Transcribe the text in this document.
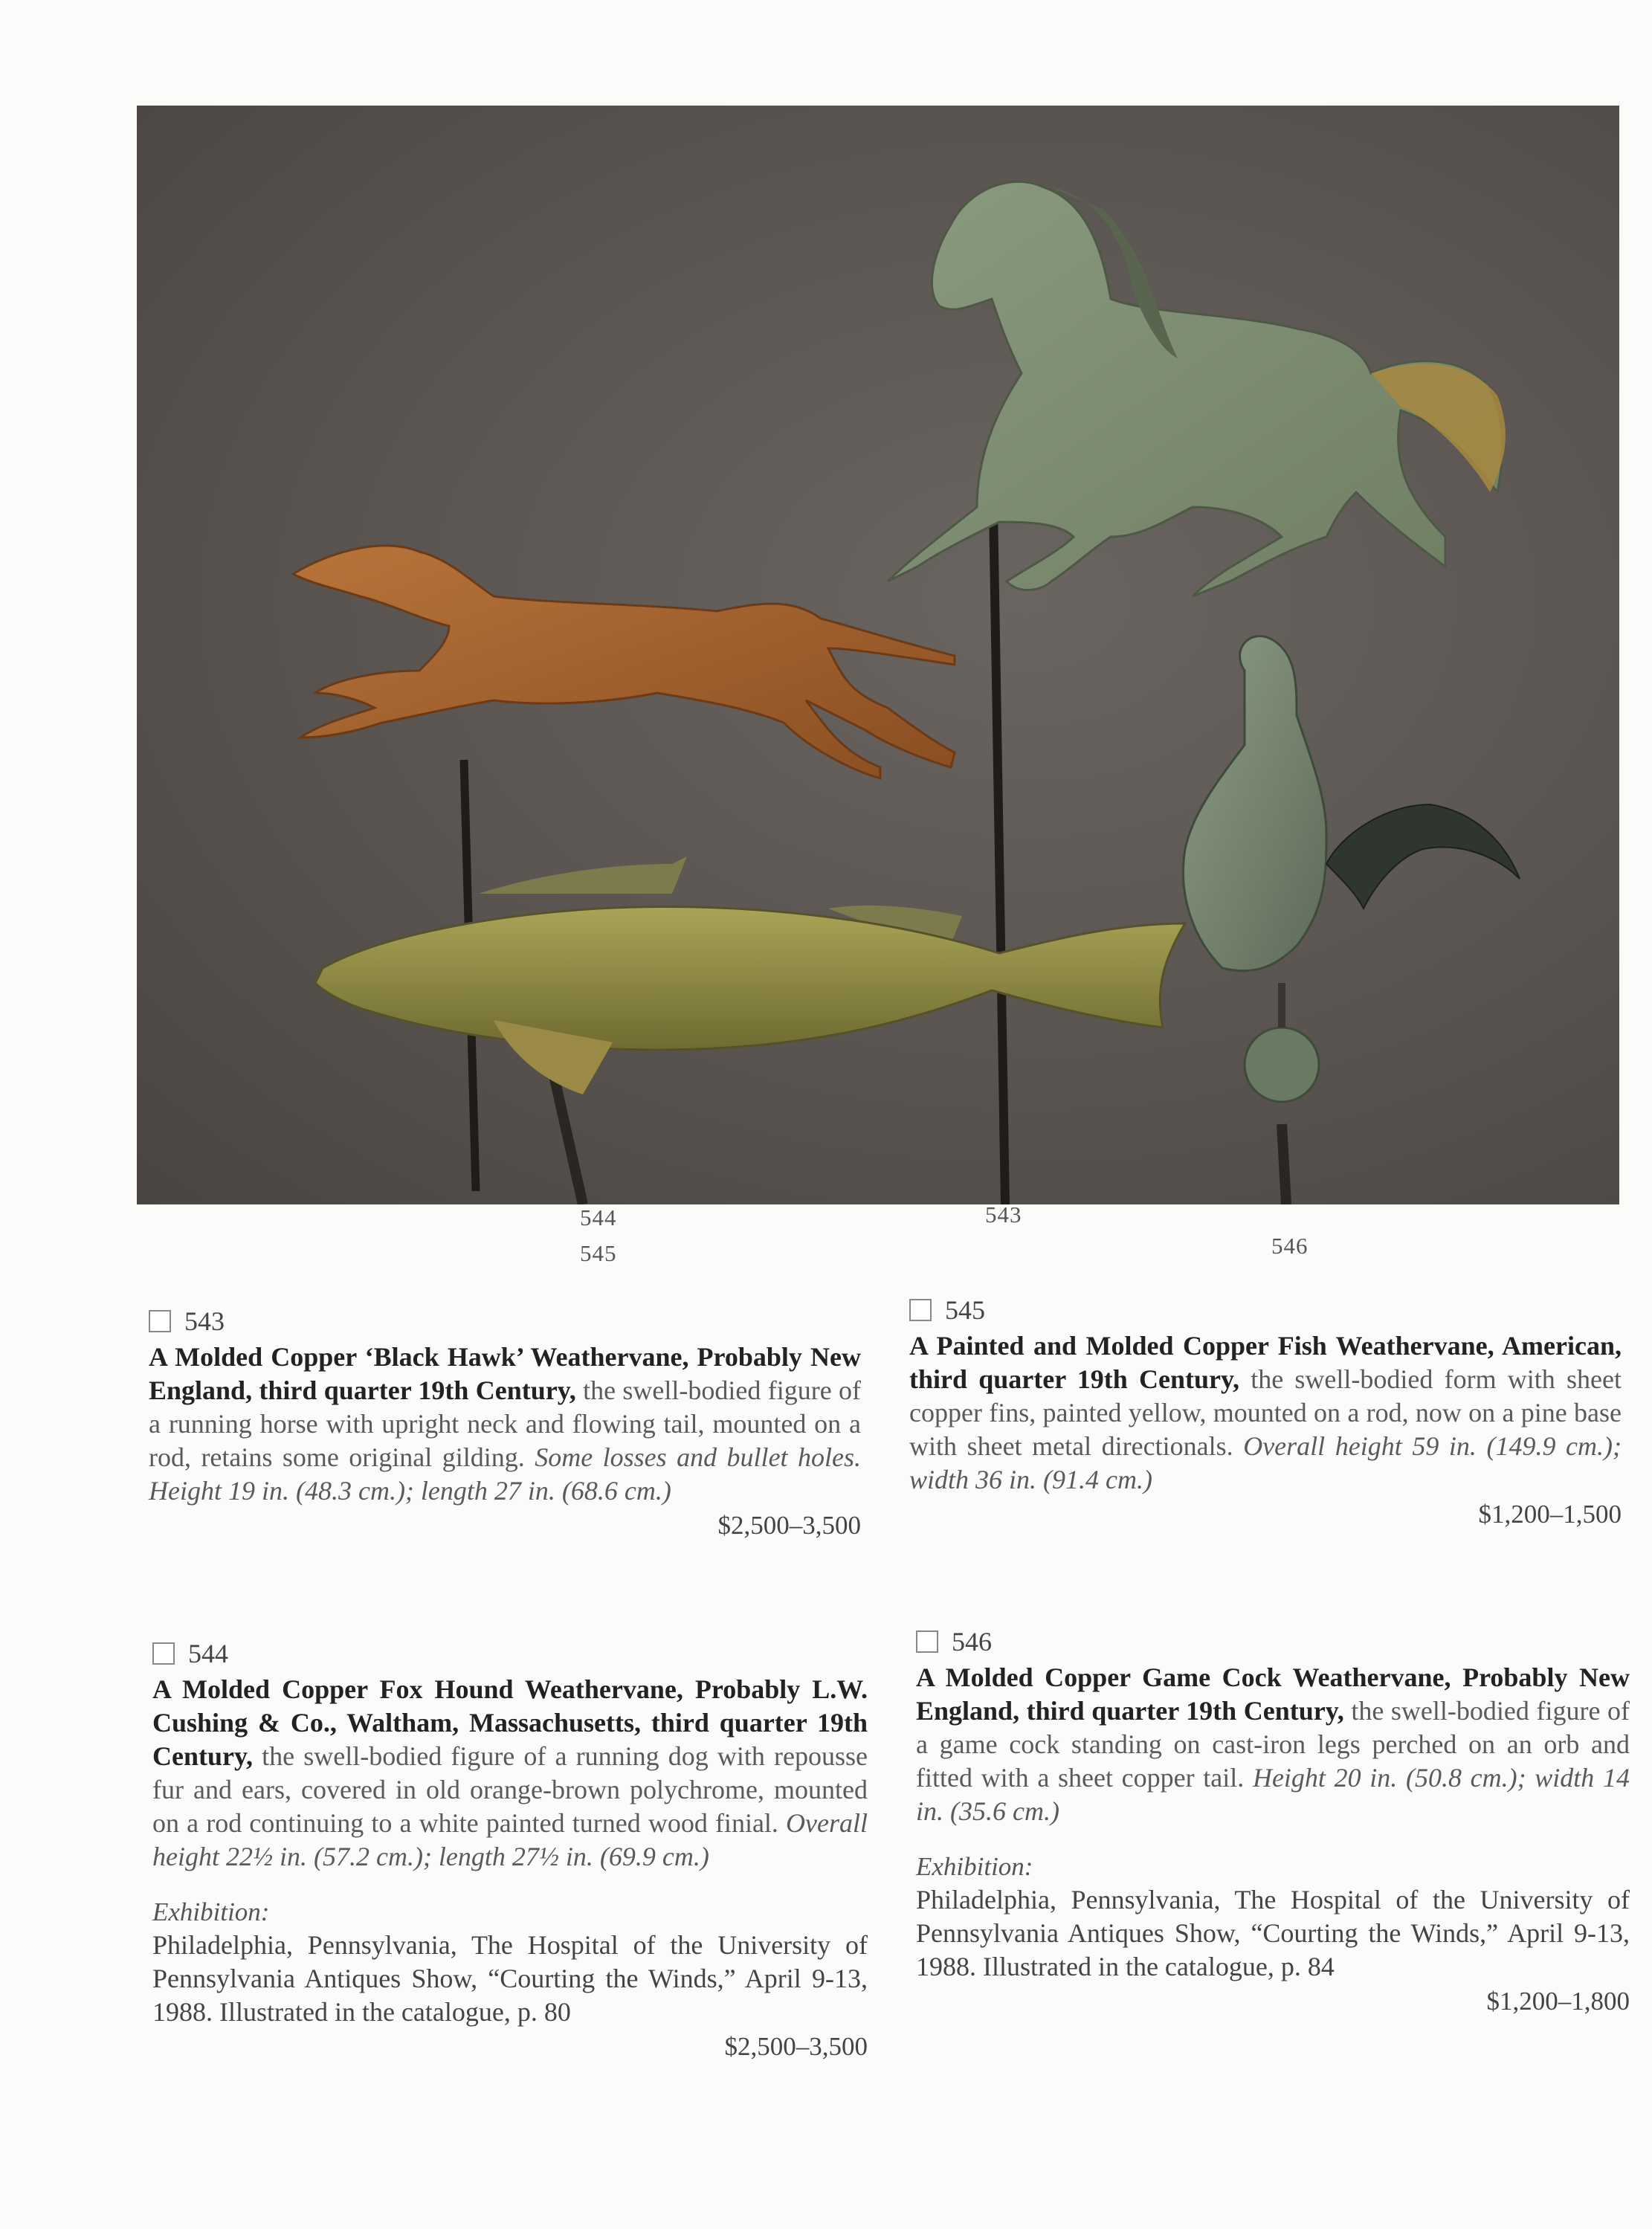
544
545
543
546
543
A Molded Copper ‘Black Hawk’ Weathervane, Probably New England, third quarter 19th Century, the swell-bodied figure of a running horse with upright neck and flowing tail, mounted on a rod, retains some original gilding. Some losses and bullet holes. Height 19 in. (48.3 cm.); length 27 in. (68.6 cm.)
$2,500–3,500
545
A Painted and Molded Copper Fish Weathervane, American, third quarter 19th Century, the swell-bodied form with sheet copper fins, painted yellow, mounted on a rod, now on a pine base with sheet metal directionals. Overall height 59 in. (149.9 cm.); width 36 in. (91.4 cm.)
$1,200–1,500
544
A Molded Copper Fox Hound Weathervane, Probably L.W. Cushing & Co., Waltham, Massachusetts, third quarter 19th Century, the swell-bodied figure of a running dog with repousse fur and ears, covered in old orange-brown polychrome, mounted on a rod continuing to a white painted turned wood finial. Overall height 22½ in. (57.2 cm.); length 27½ in. (69.9 cm.)
Exhibition:
Philadelphia, Pennsylvania, The Hospital of the University of Pennsylvania Antiques Show, “Courting the Winds,” April 9-13, 1988. Illustrated in the catalogue, p. 80
$2,500–3,500
546
A Molded Copper Game Cock Weathervane, Probably New England, third quarter 19th Century, the swell-bodied figure of a game cock standing on cast-iron legs perched on an orb and fitted with a sheet copper tail. Height 20 in. (50.8 cm.); width 14 in. (35.6 cm.)
Exhibition:
Philadelphia, Pennsylvania, The Hospital of the University of Pennsylvania Antiques Show, “Courting the Winds,” April 9-13, 1988. Illustrated in the catalogue, p. 84
$1,200–1,800
